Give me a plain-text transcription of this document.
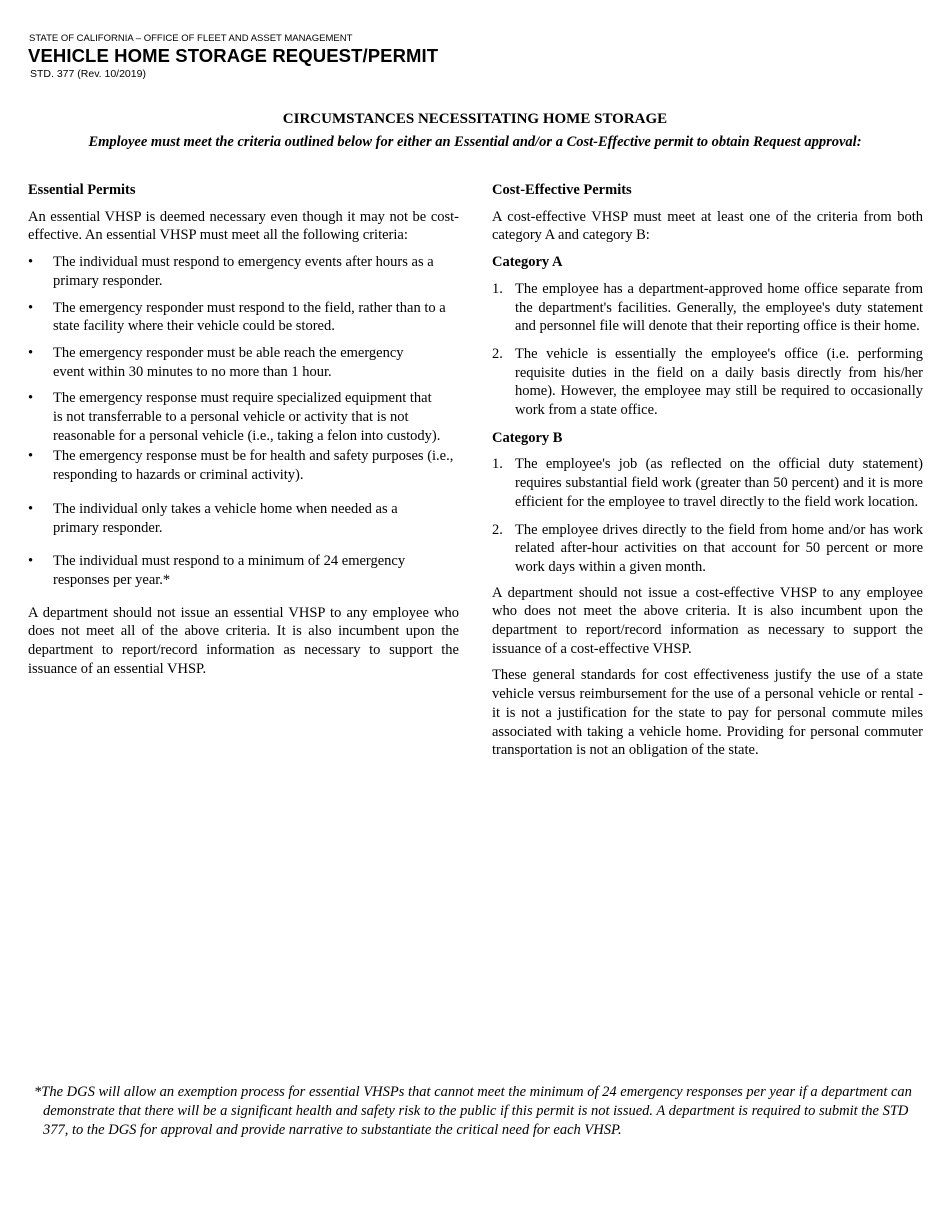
STATE OF CALIFORNIA – OFFICE OF FLEET AND ASSET MANAGEMENT
VEHICLE HOME STORAGE REQUEST/PERMIT
STD. 377 (Rev. 10/2019)
CIRCUMSTANCES NECESSITATING HOME STORAGE
Employee must meet the criteria outlined below for either an Essential and/or a Cost-Effective permit to obtain Request approval:
Essential Permits
An essential VHSP is deemed necessary even though it may not be cost-effective. An essential VHSP must meet all the following criteria:
• The individual must respond to emergency events after hours as a primary responder.
• The emergency responder must respond to the field, rather than to a state facility where their vehicle could be stored.
• The emergency responder must be able reach the emergency event within 30 minutes to no more than 1 hour.
• The emergency response must require specialized equipment that is not transferrable to a personal vehicle or activity that is not reasonable for a personal vehicle (i.e., taking a felon into custody).
• The emergency response must be for health and safety purposes (i.e., responding to hazards or criminal activity).
• The individual only takes a vehicle home when needed as a primary responder.
• The individual must respond to a minimum of 24 emergency responses per year.*
A department should not issue an essential VHSP to any employee who does not meet all of the above criteria. It is also incumbent upon the department to report/record information as necessary to support the issuance of an essential VHSP.
Cost-Effective Permits
A cost-effective VHSP must meet at least one of the criteria from both category A and category B:
Category A
1. The employee has a department-approved home office separate from the department's facilities. Generally, the employee's duty statement and personnel file will denote that their reporting office is their home.
2. The vehicle is essentially the employee's office (i.e. performing requisite duties in the field on a daily basis directly from his/her home). However, the employee may still be required to occasionally work from a state office.
Category B
1. The employee's job (as reflected on the official duty statement) requires substantial field work (greater than 50 percent) and it is more efficient for the employee to travel directly to the field work location.
2. The employee drives directly to the field from home and/or has work related after-hour activities on that account for 50 percent or more work days within a given month.
A department should not issue a cost-effective VHSP to any employee who does not meet the above criteria. It is also incumbent upon the department to report/record information as necessary to support the issuance of a cost-effective VHSP.
These general standards for cost effectiveness justify the use of a state vehicle versus reimbursement for the use of a personal vehicle or rental - it is not a justification for the state to pay for personal commute miles associated with taking a vehicle home. Providing for personal commuter transportation is not an obligation of the state.
*The DGS will allow an exemption process for essential VHSPs that cannot meet the minimum of 24 emergency responses per year if a department can demonstrate that there will be a significant health and safety risk to the public if this permit is not issued. A department is required to submit the STD 377, to the DGS for approval and provide narrative to substantiate the critical need for each VHSP.
